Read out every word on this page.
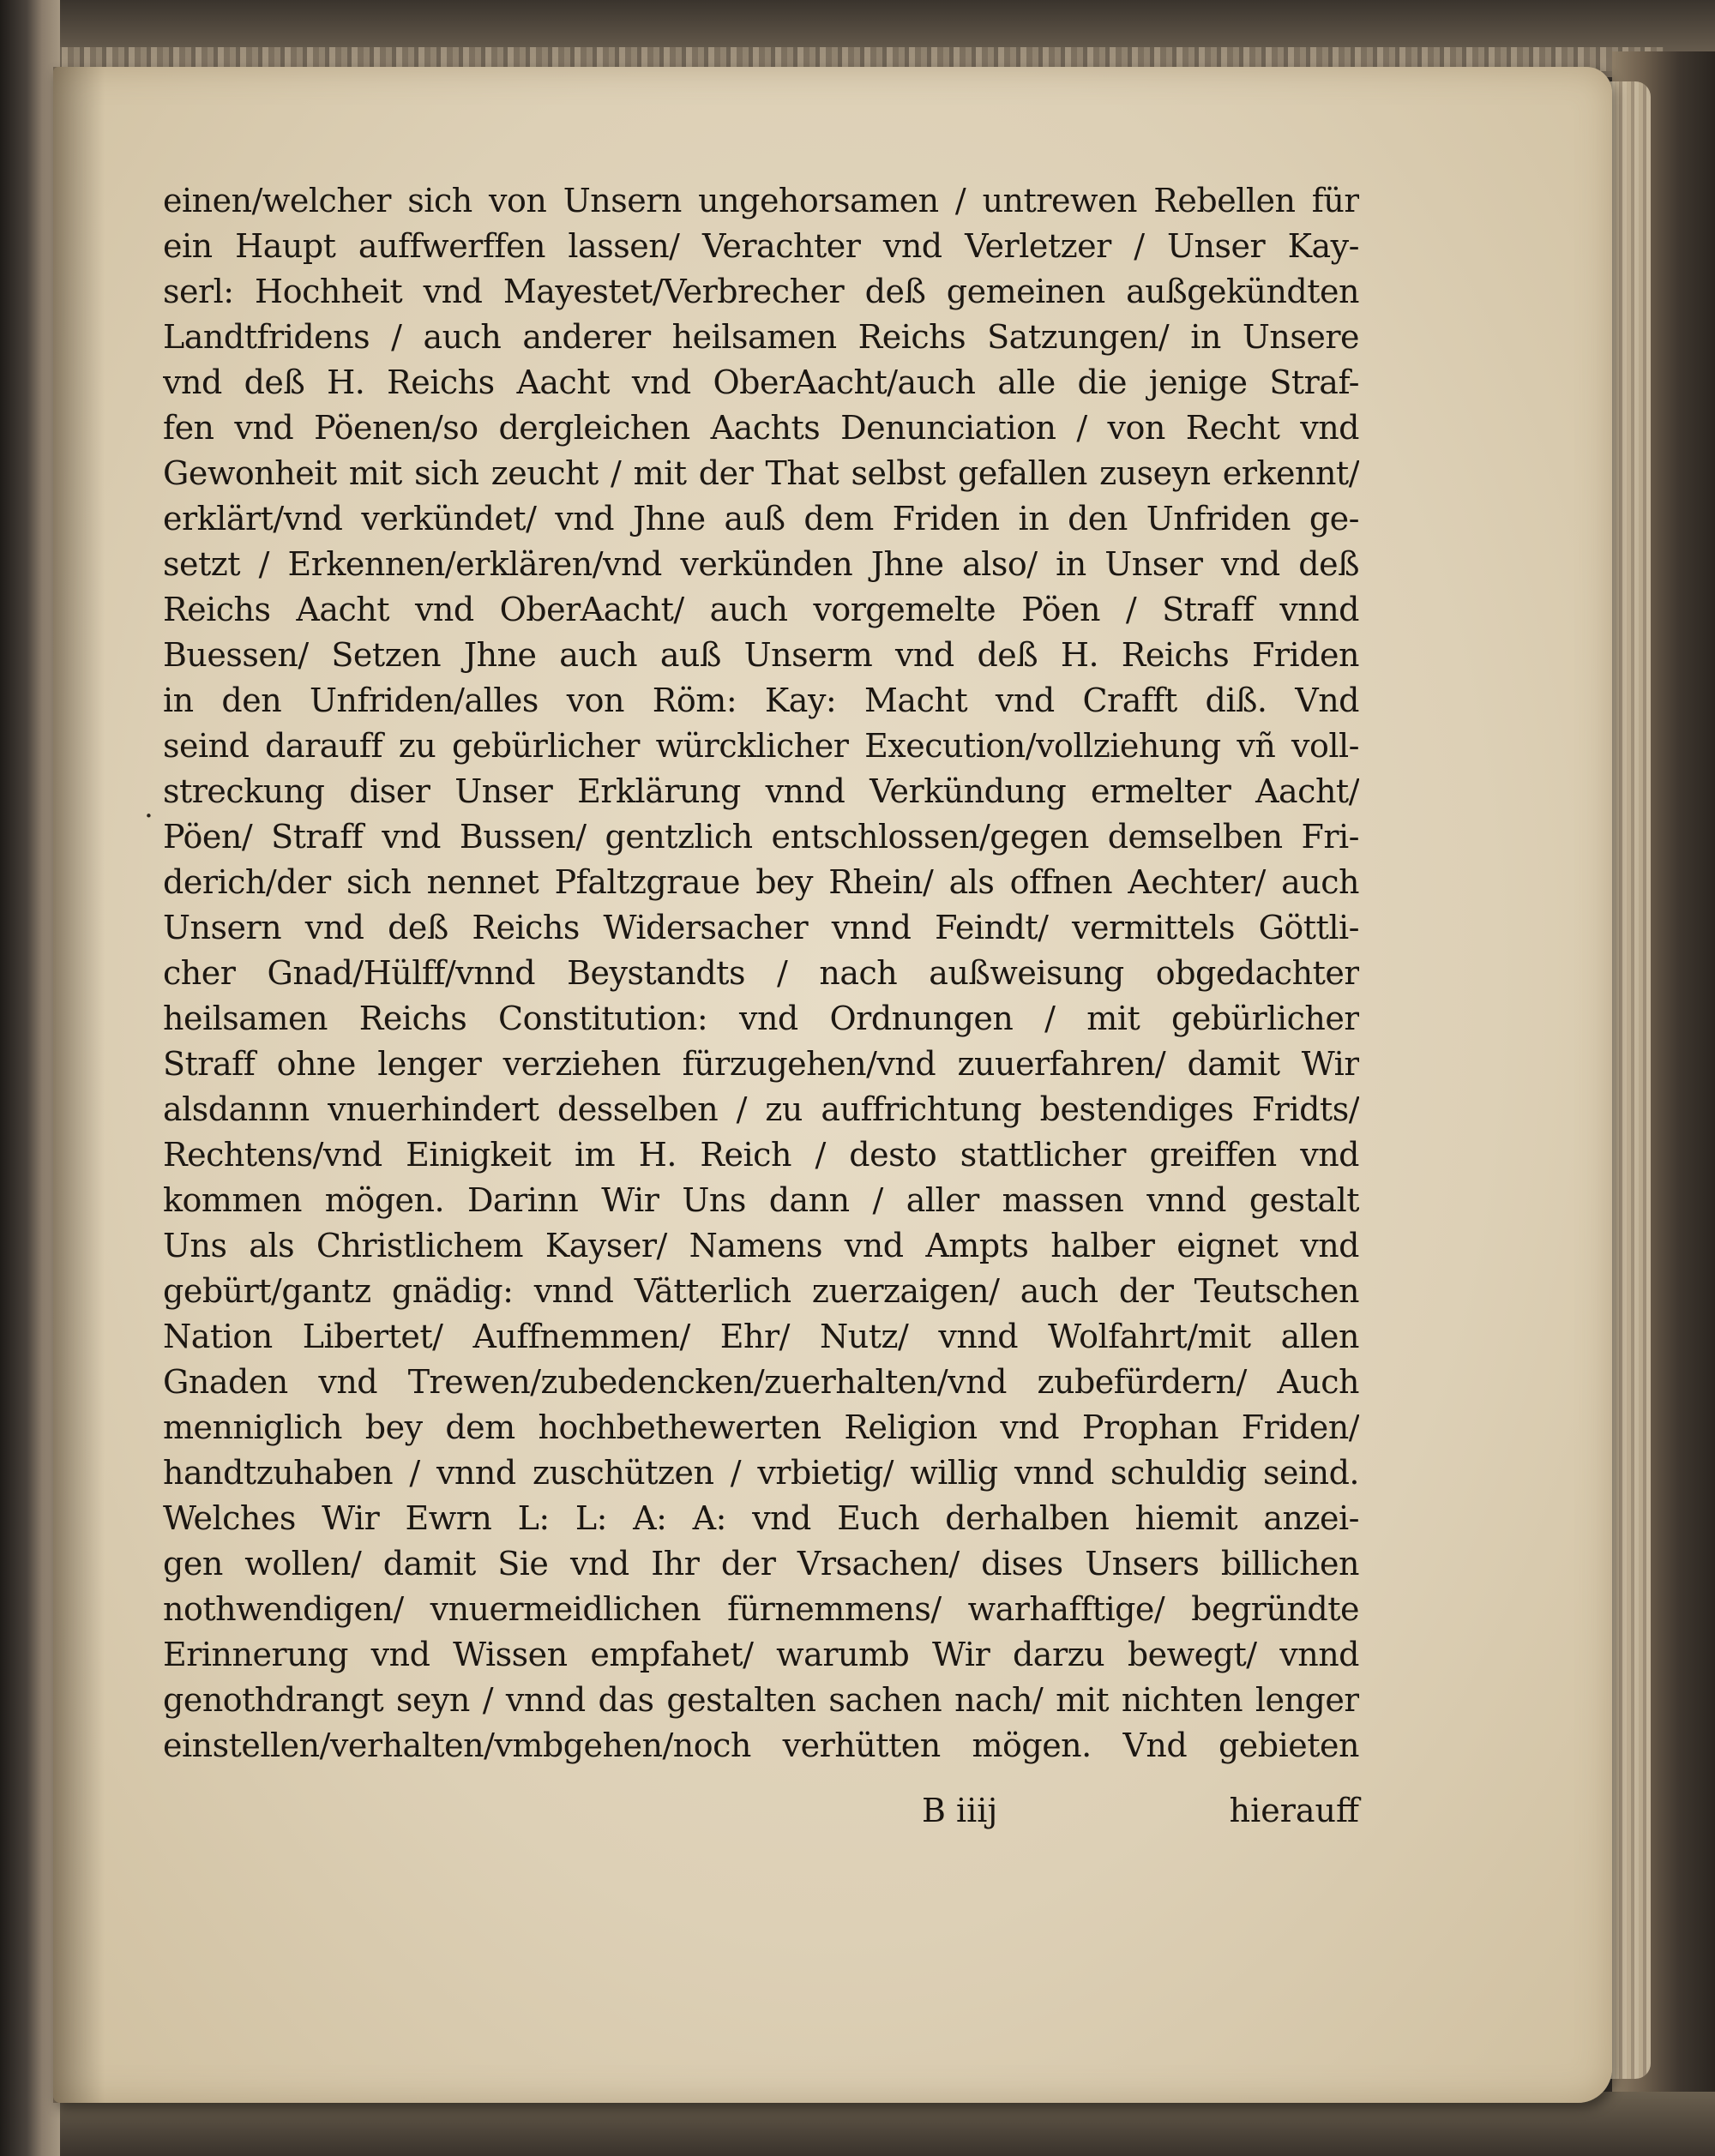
.
einen/welcher sich von Unsern ungehorsamen / untrewen Rebellen für
ein Haupt auffwerffen lassen/ Verachter vnd Verletzer / Unser Kay-
serl: Hochheit vnd Mayestet/Verbrecher deß gemeinen außgekündten
Landtfridens / auch anderer heilsamen Reichs Satzungen/ in Unsere
vnd deß H. Reichs Aacht vnd OberAacht/auch alle die jenige Straf-
fen vnd Pöenen/so dergleichen Aachts Denunciation / von Recht vnd
Gewonheit mit sich zeucht / mit der That selbst gefallen zuseyn erkennt/
erklärt/vnd verkündet/ vnd Jhne auß dem Friden in den Unfriden ge-
setzt / Erkennen/erklären/vnd verkünden Jhne also/ in Unser vnd deß
Reichs Aacht vnd OberAacht/ auch vorgemelte Pöen / Straff vnnd
Buessen/ Setzen Jhne auch auß Unserm vnd deß H. Reichs Friden
in den Unfriden/alles von Röm: Kay: Macht vnd Crafft diß. Vnd
seind darauff zu gebürlicher würcklicher Execution/vollziehung vñ voll-
streckung diser Unser Erklärung vnnd Verkündung ermelter Aacht/
Pöen/ Straff vnd Bussen/ gentzlich entschlossen/gegen demselben Fri-
derich/der sich nennet Pfaltzgraue bey Rhein/ als offnen Aechter/ auch
Unsern vnd deß Reichs Widersacher vnnd Feindt/ vermittels Göttli-
cher Gnad/Hülff/vnnd Beystandts / nach außweisung obgedachter
heilsamen Reichs Constitution: vnd Ordnungen / mit gebürlicher
Straff ohne lenger verziehen fürzugehen/vnd zuuerfahren/ damit Wir
alsdannn vnuerhindert desselben / zu auffrichtung bestendiges Fridts/
Rechtens/vnd Einigkeit im H. Reich / desto stattlicher greiffen vnd
kommen mögen. Darinn Wir Uns dann / aller massen vnnd gestalt
Uns als Christlichem Kayser/ Namens vnd Ampts halber eignet vnd
gebürt/gantz gnädig: vnnd Vätterlich zuerzaigen/ auch der Teutschen
Nation Libertet/ Auffnemmen/ Ehr/ Nutz/ vnnd Wolfahrt/mit allen
Gnaden vnd Trewen/zubedencken/zuerhalten/vnd zubefürdern/ Auch
menniglich bey dem hochbethewerten Religion vnd Prophan Friden/
handtzuhaben / vnnd zuschützen / vrbietig/ willig vnnd schuldig seind.
Welches Wir Ewrn L: L: A: A: vnd Euch derhalben hiemit anzei-
gen wollen/ damit Sie vnd Ihr der Vrsachen/ dises Unsers billichen
nothwendigen/ vnuermeidlichen fürnemmens/ warhafftige/ begründte
Erinnerung vnd Wissen empfahet/ warumb Wir darzu bewegt/ vnnd
genothdrangt seyn / vnnd das gestalten sachen nach/ mit nichten lenger
einstellen/verhalten/vmbgehen/noch verhütten mögen. Vnd gebieten
B iiij	hierauff
